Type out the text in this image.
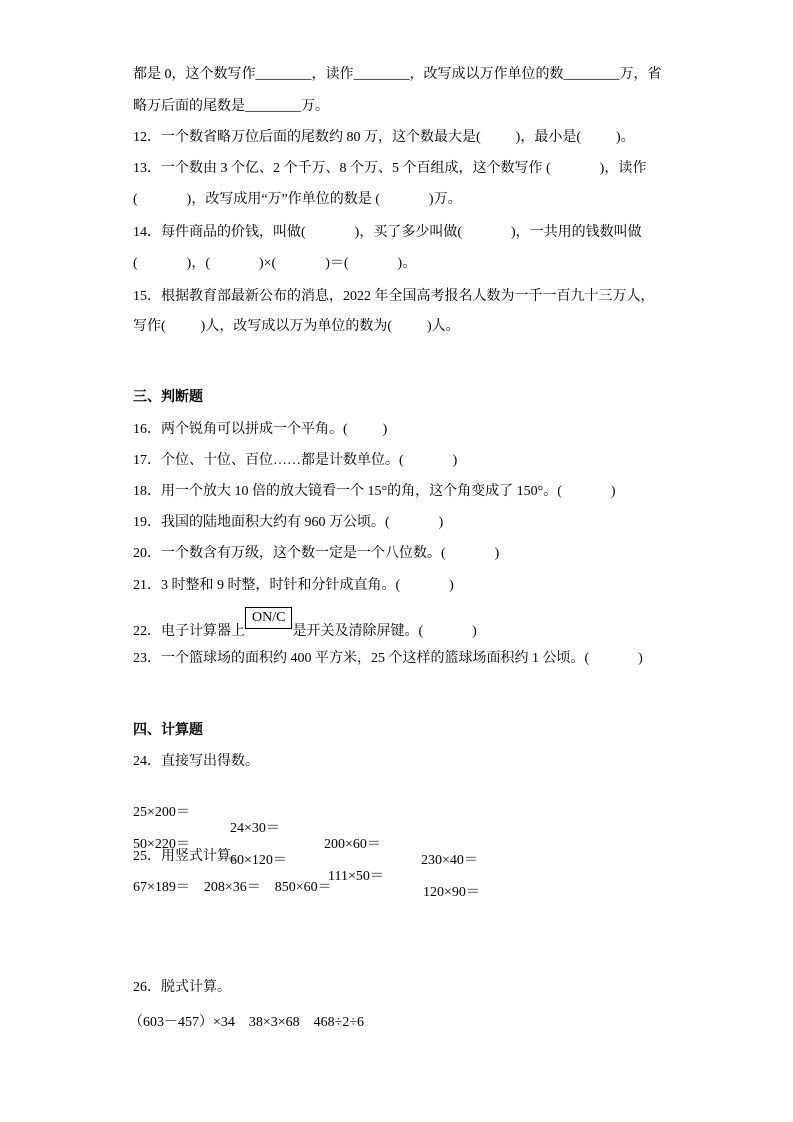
都是 0，这个数写作________，读作________，改写成以万作单位的数________万，省
略万后面的尾数是________万。
12．一个数省略万位后面的尾数约 80 万，这个数最大是(          )，最小是(          )。
13．一个数由 3 个亿、2 个千万、8 个万、5 个百组成，这个数写作 (              )，读作
(              )，改写成用“万”作单位的数是 (              )万。
14．每件商品的价钱，叫做(              )，买了多少叫做(              )，一共用的钱数叫做
(              )，(              )×(              )＝(              )。
15．根据教育部最新公布的消息，2022 年全国高考报名人数为一千一百九十三万人，
写作(          )人，改写成以万为单位的数为(          )人。
三、判断题
16．两个锐角可以拼成一个平角。(          )
17．个位、十位、百位……都是计数单位。(              )
18．用一个放大 10 倍的放大镜看一个 15°的角，这个角变成了 150°。(              )
19．我国的陆地面积大约有 960 万公顷。(              )
20．一个数含有万级，这个数一定是一个八位数。(              )
21．3 时整和 9 时整，时针和分针成直角。(              )
22．电子计算器上ON/C是开关及清除屏键。(              )
23．一个篮球场的面积约 400 平方米，25 个这样的篮球场面积约 1 公顷。(              )
四、计算题
24．直接写出得数。

25×200＝

24×30＝

200×60＝

230×40＝

50×220＝

60×120＝

111×50＝

120×90＝

25．用竖式计算。
67×189＝    208×36＝    850×60＝
26．脱式计算。
（603－457）×34    38×3×68    468÷2÷6
